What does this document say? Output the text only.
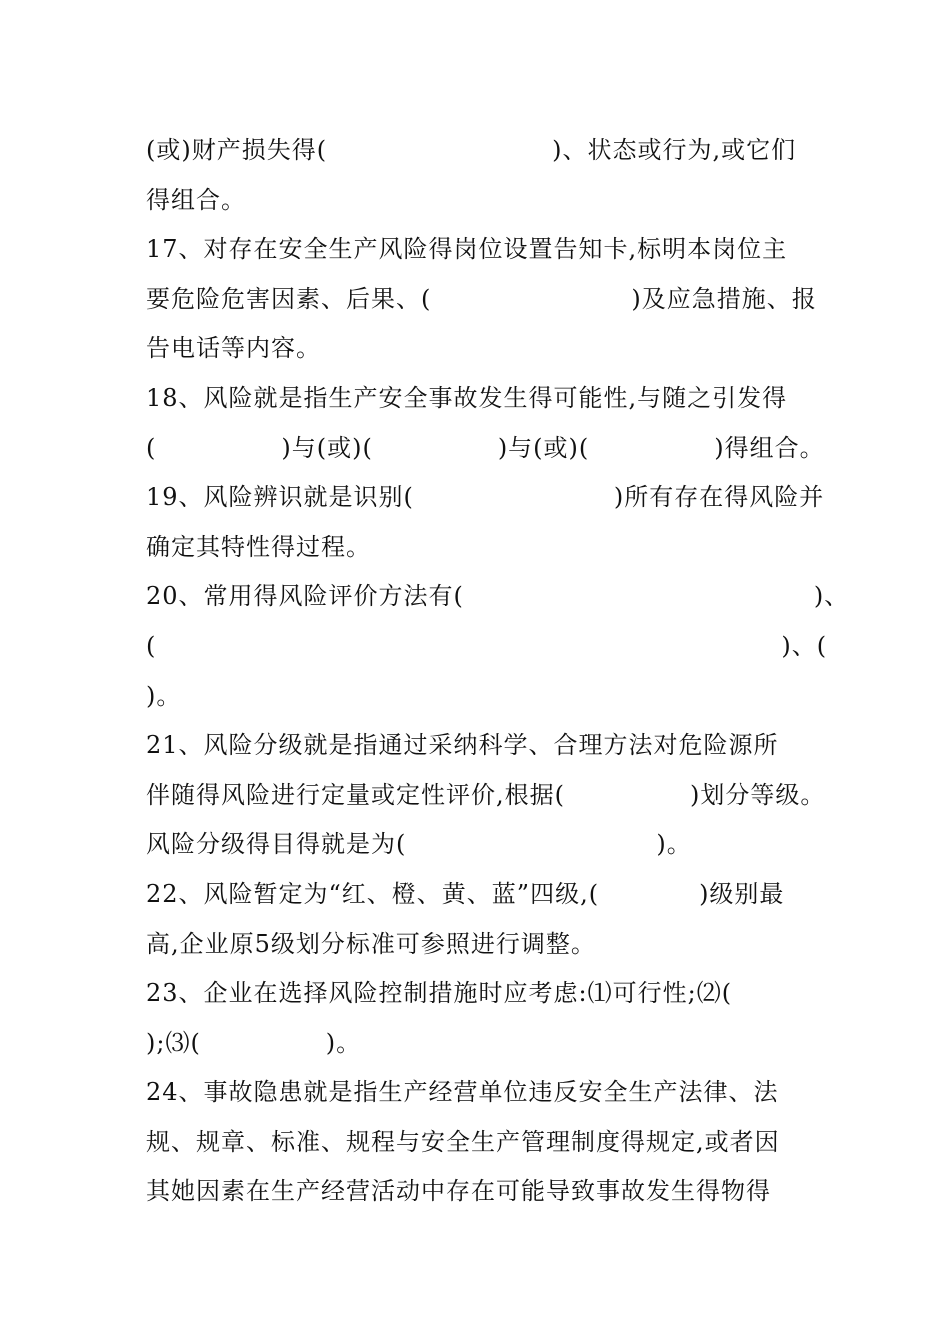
(或)财产损失得(　　　　　　　　　)、状态或行为,或它们
得组合。
17、对存在安全生产风险得岗位设置告知卡,标明本岗位主
要危险危害因素、后果、(　　　　　　　　)及应急措施、报
告电话等内容。
18、风险就是指生产安全事故发生得可能性,与随之引发得
(　　　　　)与(或)(　　　　　)与(或)(　　　　　)得组合。
19、风险辨识就是识别(　　　　　　　　)所有存在得风险并
确定其特性得过程。
20、常用得风险评价方法有(　　　　　　　　　　　　　　)、
(　　　　　　　　　　　　　　　　　　　　　　　　　)、(
)。
21、风险分级就是指通过采纳科学、合理方法对危险源所
伴随得风险进行定量或定性评价,根据(　　　　　)划分等级。
风险分级得目得就是为(　　　　　　　　　　)。
22、风险暂定为“红、橙、黄、蓝”四级,(　　　　)级别最
高,企业原5级划分标准可参照进行调整。
23、企业在选择风险控制措施时应考虑:⑴可行性;⑵(
);⑶(　　　　　)。
24、事故隐患就是指生产经营单位违反安全生产法律、法
规、规章、标准、规程与安全生产管理制度得规定,或者因
其她因素在生产经营活动中存在可能导致事故发生得物得
